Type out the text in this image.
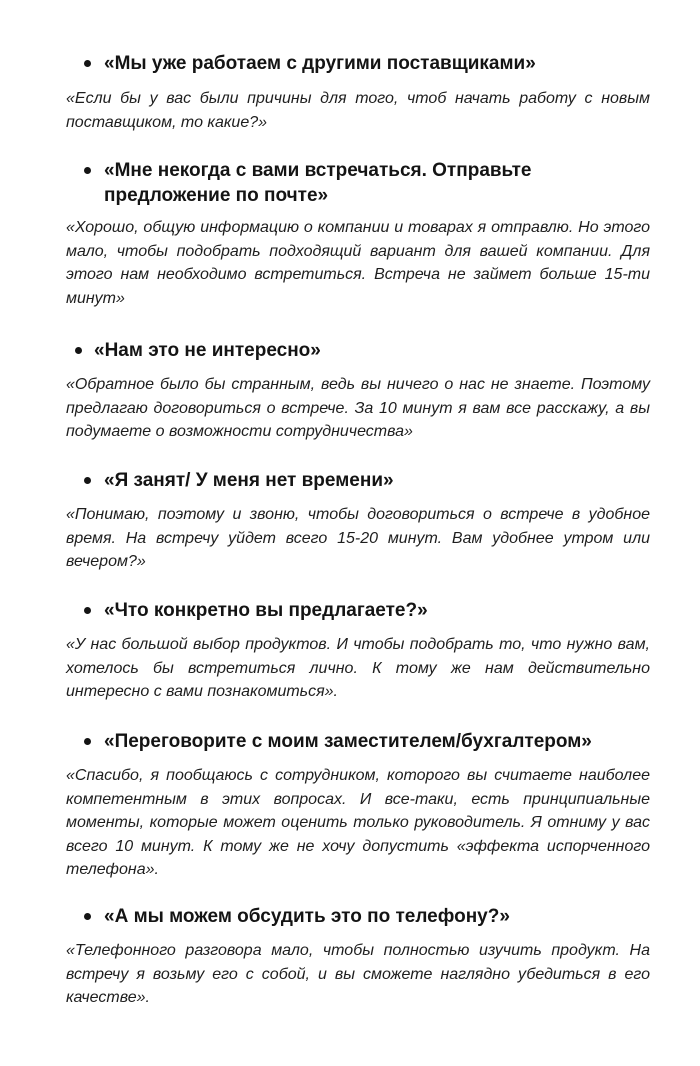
«Мы уже работаем с другими поставщиками»

«Если бы у вас были причины для того, чтоб начать работу с новым поставщиком, то какие?»

«Мне некогда с вами встречаться. Отправьте предложение по почте»

«Хорошо, общую информацию о компании и товарах я отправлю. Но этого мало, чтобы подобрать подходящий вариант для вашей компании. Для этого нам необходимо встретиться. Встреча не займет больше 15-ти минут»

«Нам это не интересно»

«Обратное было бы странным, ведь вы ничего о нас не знаете. Поэтому предлагаю договориться о встрече. За 10 минут я вам все расскажу, а вы подумаете о возможности сотрудничества»

«Я занят/ У меня нет времени»

«Понимаю, поэтому и звоню, чтобы договориться о встрече в удобное время. На встречу уйдет всего 15-20 минут. Вам удобнее утром или вечером?»

«Что конкретно вы предлагаете?»

«У нас большой выбор продуктов. И чтобы подобрать то, что нужно вам, хотелось бы встретиться лично. К тому же нам действительно интересно с вами познакомиться».

«Переговорите с моим заместителем/бухгалтером»

«Спасибо, я пообщаюсь с сотрудником, которого вы считаете наиболее компетентным в этих вопросах. И все-таки, есть принципиальные моменты, которые может оценить только руководитель. Я отниму у вас всего 10 минут. К тому же не хочу допустить «эффекта испорченного телефона».

«А мы можем обсудить это по телефону?»

«Телефонного разговора мало, чтобы полностью изучить продукт. На встречу я возьму его с собой, и вы сможете наглядно убедиться в его качестве».
